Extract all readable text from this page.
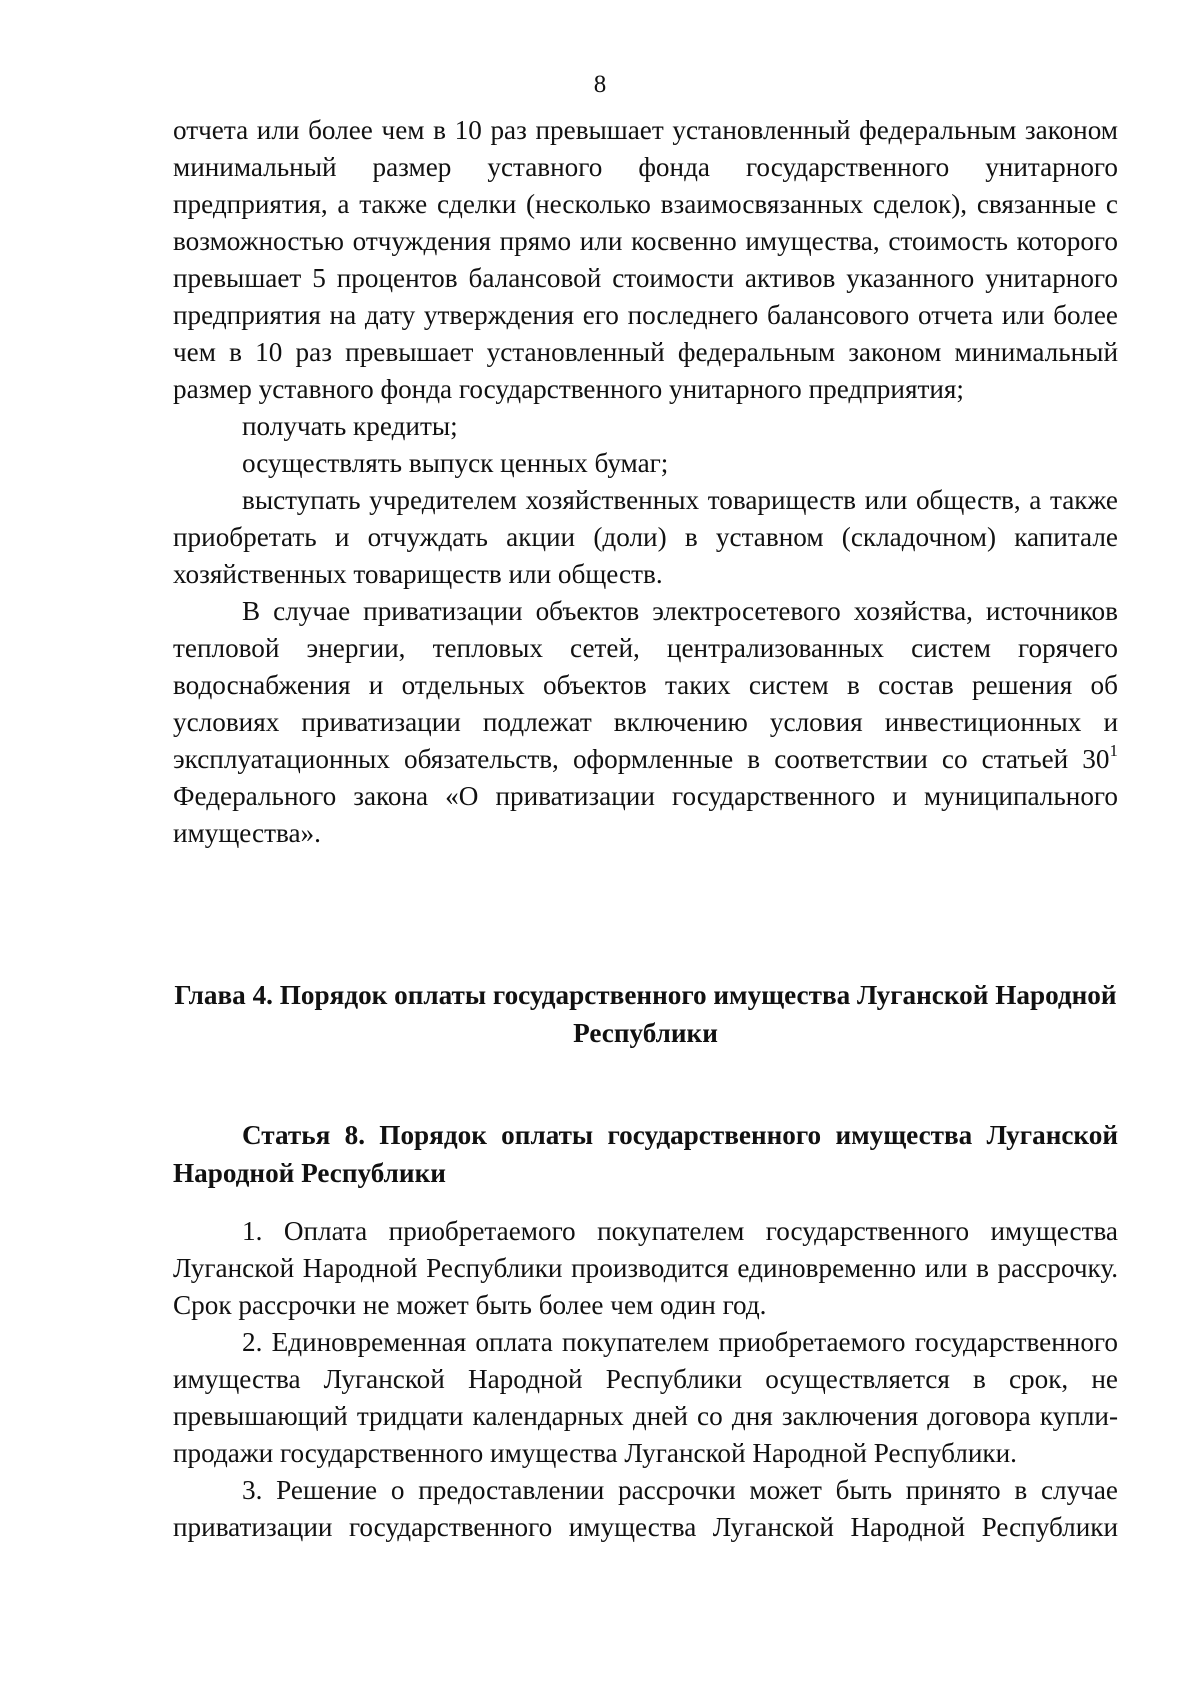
8

отчета или более чем в 10 раз превышает установленный федеральным законом минимальный размер уставного фонда государственного унитарного предприятия, а также сделки (несколько взаимосвязанных сделок), связанные с возможностью отчуждения прямо или косвенно имущества, стоимость которого превышает 5 процентов балансовой стоимости активов указанного унитарного предприятия на дату утверждения его последнего балансового отчета или более чем в 10 раз превышает установленный федеральным законом минимальный размер уставного фонда государственного унитарного предприятия;

получать кредиты;

осуществлять выпуск ценных бумаг;

выступать учредителем хозяйственных товариществ или обществ, а также приобретать и отчуждать акции (доли) в уставном (складочном) капитале хозяйственных товариществ или обществ.

В случае приватизации объектов электросетевого хозяйства, источников тепловой энергии, тепловых сетей, централизованных систем горячего водоснабжения и отдельных объектов таких систем в состав решения об условиях приватизации подлежат включению условия инвестиционных и эксплуатационных обязательств, оформленные в соответствии со статьей $30^1$ Федерального закона «О приватизации государственного и муниципального имущества».

Глава 4. Порядок оплаты государственного имущества Луганской Народной Республики
Статья 8. Порядок оплаты государственного имущества Луганской Народной Республики

1. Оплата приобретаемого покупателем государственного имущества Луганской Народной Республики производится единовременно или в рассрочку. Срок рассрочки не может быть более чем один год.

2. Единовременная оплата покупателем приобретаемого государственного имущества Луганской Народной Республики осуществляется в срок, не превышающий тридцати календарных дней со дня заключения договора купли-продажи государственного имущества Луганской Народной Республики.

3. Решение о предоставлении рассрочки может быть принято в случае приватизации государственного имущества Луганской Народной Республики
